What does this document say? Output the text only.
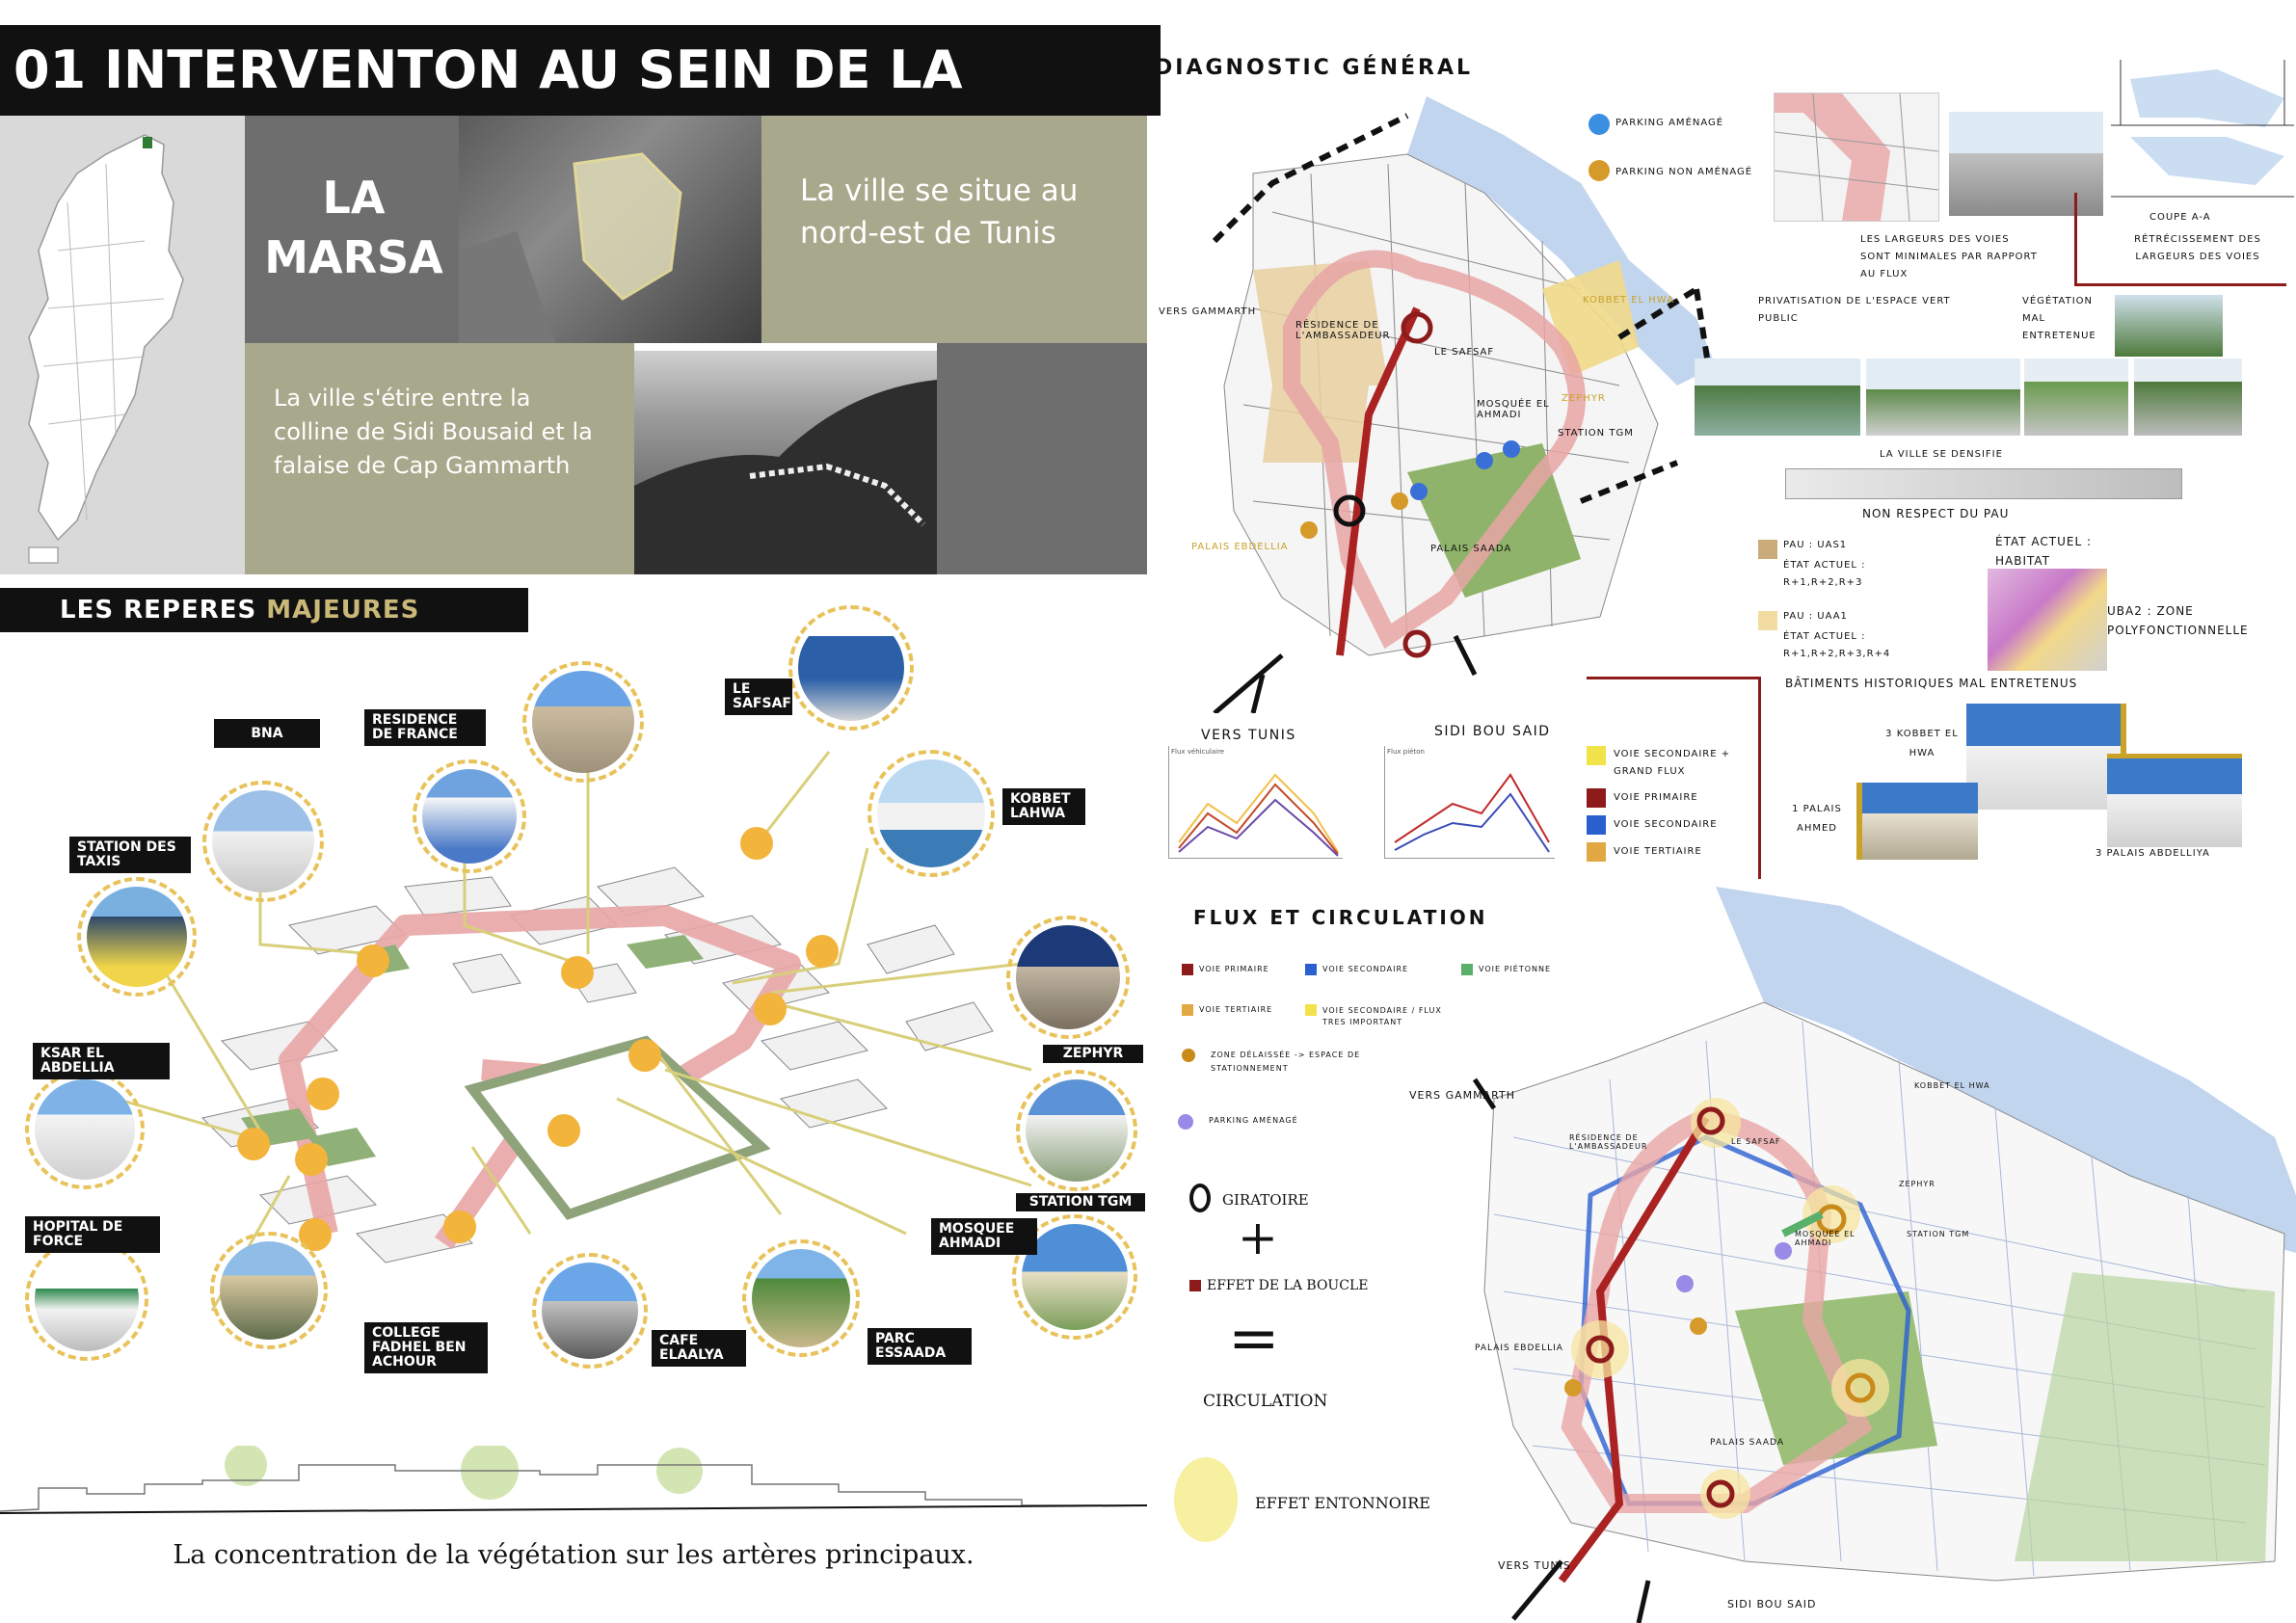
01 INTERVENTON AU SEIN DE LA
LA MARSA
La ville se situe au nord-est de Tunis
La ville s'étire entre la colline de Sidi Bousaid et la falaise de Cap Gammarth
LES REPERES MAJEURES
BNA
RESIDENCE DE FRANCE
LE SAFSAF
KOBBET LAHWA
STATION DES TAXIS
KSAR EL ABDELLIA
ZEPHYR
STATION TGM
MOSQUEE AHMADI
HOPITAL DE FORCE
COLLEGE FADHEL BEN ACHOUR
CAFE ELAALYA
PARC ESSAADA
La concentration de la végétation sur les artères principaux.
DIAGNOSTIC GÉNÉRAL
VERS GAMMARTH
RÉSIDENCE DE L'AMBASSADEUR
LE SAFSAF
KOBBET EL HWA
ZEPHYR
MOSQUÉE EL AHMADI
STATION TGM
PALAIS EBDELLIA	PALAIS SAADA
VERS TUNIS	SIDI BOU SAID
PARKING AMÉNAGÉ
PARKING NON AMÉNAGÉ
COUPE A-A
LES LARGEURS DES VOIES SONT MINIMALES PAR RAPPORT AU FLUX
RÉTRÉCISSEMENT DES LARGEURS DES VOIES
PRIVATISATION DE L'ESPACE VERT PUBLIC
VÉGÉTATION MAL ENTRETENUE
LA VILLE SE DENSIFIE
NON RESPECT DU PAU
PAU : UAS1
ÉTAT ACTUEL : R+1,R+2,R+3
PAU : UAA1
ÉTAT ACTUEL : R+1,R+2,R+3,R+4
ÉTAT ACTUEL : HABITAT
UBA2 : ZONE POLYFONCTIONNELLE
BÂTIMENTS HISTORIQUES MAL ENTRETENUS
3 KOBBET EL HWA
1 PALAIS AHMED
3 PALAIS ABDELLIYA
VOIE SECONDAIRE + GRAND FLUX
VOIE PRIMAIRE
VOIE SECONDAIRE
VOIE TERTIAIRE
Flux véhiculaire	Flux piéton
FLUX ET CIRCULATION
VOIE PRIMAIRE	VOIE SECONDAIRE	VOIE PIÉTONNE
VOIE TERTIAIRE	VOIE SECONDAIRE / FLUX TRES IMPORTANT
ZONE DÉLAISSÉE -> ESPACE DE STATIONNEMENT
PARKING AMÉNAGÉ
GIRATOIRE
+
EFFET DE LA BOUCLE
=
CIRCULATION
EFFET ENTONNOIRE
VERS GAMMARTH
RÉSIDENCE DE L'AMBASSADEUR
LE SAFSAF
KOBBET EL HWA
ZEPHYR
MOSQUÉE EL AHMADI
STATION TGM
PALAIS EBDELLIA
PALAIS SAADA
VERS TUNIS
SIDI BOU SAID
